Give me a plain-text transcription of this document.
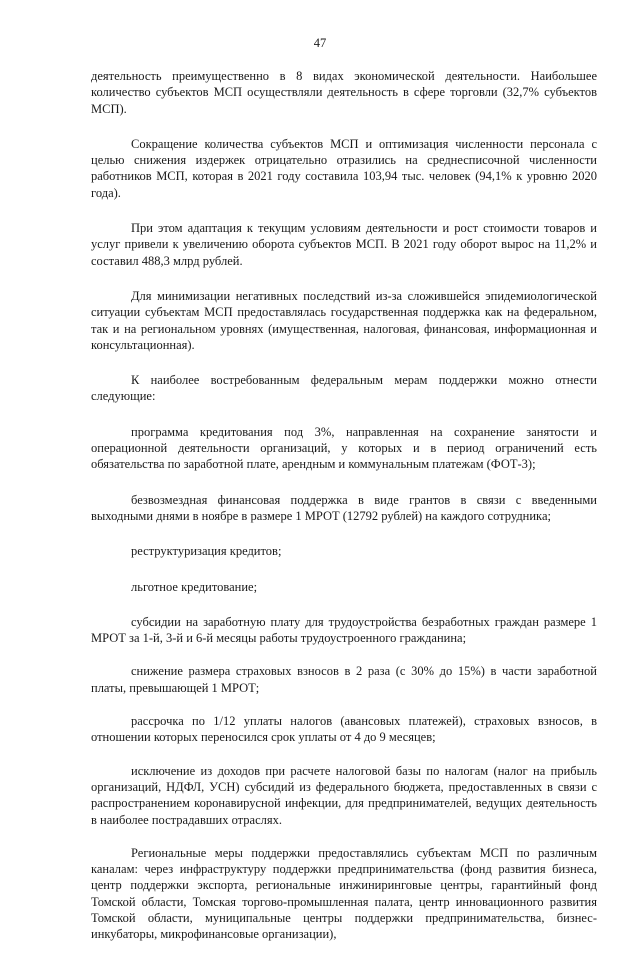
47

деятельность преимущественно в 8 видах экономической деятельности. Наибольшее количество субъектов МСП осуществляли деятельность в сфере торговли (32,7% субъектов МСП).

Сокращение количества субъектов МСП и оптимизация численности персонала с целью снижения издержек отрицательно отразились на среднесписочной численности работников МСП, которая в 2021 году составила 103,94 тыс. человек (94,1% к уровню 2020 года).

При этом адаптация к текущим условиям деятельности и рост стоимости товаров и услуг привели к увеличению оборота субъектов МСП. В 2021 году оборот вырос на 11,2% и составил 488,3 млрд рублей.

Для минимизации негативных последствий из-за сложившейся эпидемиологической ситуации субъектам МСП предоставлялась государственная поддержка как на федеральном, так и на региональном уровнях (имущественная, налоговая, финансовая, информационная и консультационная).

К наиболее востребованным федеральным мерам поддержки можно отнести следующие:

программа кредитования под 3%, направленная на сохранение занятости и операционной деятельности организаций, у которых и в период ограничений есть обязательства по заработной плате, арендным и коммунальным платежам (ФОТ-3);

безвозмездная финансовая поддержка в виде грантов в связи с введенными выходными днями в ноябре в размере 1 МРОТ (12792 рублей) на каждого сотрудника;

реструктуризация кредитов;

льготное кредитование;

субсидии на заработную плату для трудоустройства безработных граждан размере 1 МРОТ за 1-й, 3-й и 6-й месяцы работы трудоустроенного гражданина;

снижение размера страховых взносов в 2 раза (с 30% до 15%) в части заработной платы, превышающей 1 МРОТ;

рассрочка по 1/12 уплаты налогов (авансовых платежей), страховых взносов, в отношении которых переносился срок уплаты от 4 до 9 месяцев;

исключение из доходов при расчете налоговой базы по налогам (налог на прибыль организаций, НДФЛ, УСН) субсидий из федерального бюджета, предоставленных в связи с распространением коронавирусной инфекции, для предпринимателей, ведущих деятельность в наиболее пострадавших отраслях.

Региональные меры поддержки предоставлялись субъектам МСП по различным каналам: через инфраструктуру поддержки предпринимательства (фонд развития бизнеса, центр поддержки экспорта, региональные инжиниринговые центры, гарантийный фонд Томской области, Томская торгово-промышленная палата, центр инновационного развития Томской области, муниципальные центры поддержки предпринимательства, бизнес-инкубаторы, микрофинансовые организации),
